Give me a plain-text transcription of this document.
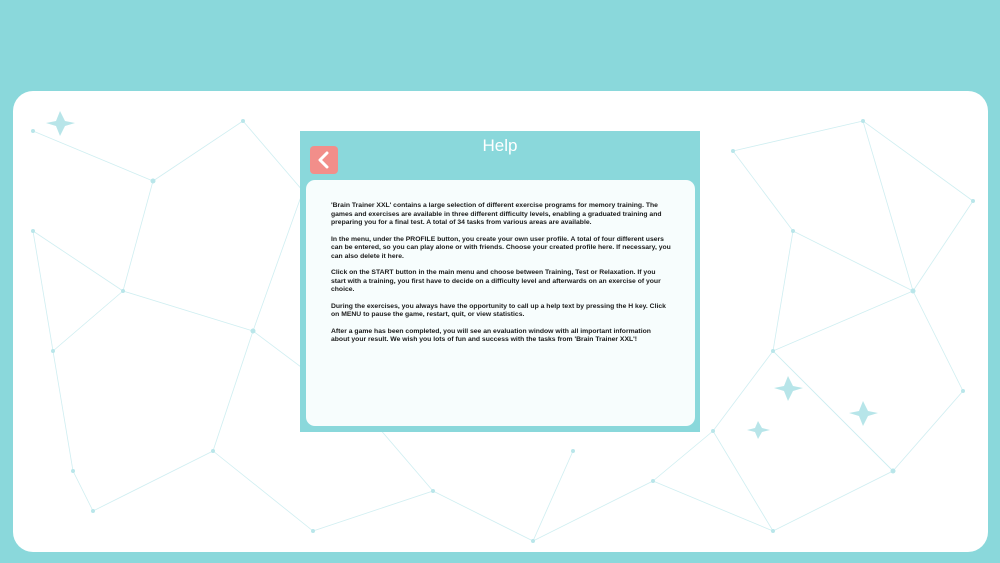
Help

'Brain Trainer XXL' contains a large selection of different exercise programs for memory training. The games and exercises are available in three different difficulty levels, enabling a graduated training and preparing you for a final test. A total of 34 tasks from various areas are available.

In the menu, under the PROFILE button, you create your own user profile. A total of four different users can be entered, so you can play alone or with friends. Choose your created profile here. If necessary, you can also delete it here.

Click on the START button in the main menu and choose between Training, Test or Relaxation. If you start with a training, you first have to decide on a difficulty level and afterwards on an exercise of your choice.

During the exercises, you always have the opportunity to call up a help text by pressing the H key. Click on MENU to pause the game, restart, quit, or view statistics.

After a game has been completed, you will see an evaluation window with all important information about your result. We wish you lots of fun and success with the tasks from 'Brain Trainer XXL'!
